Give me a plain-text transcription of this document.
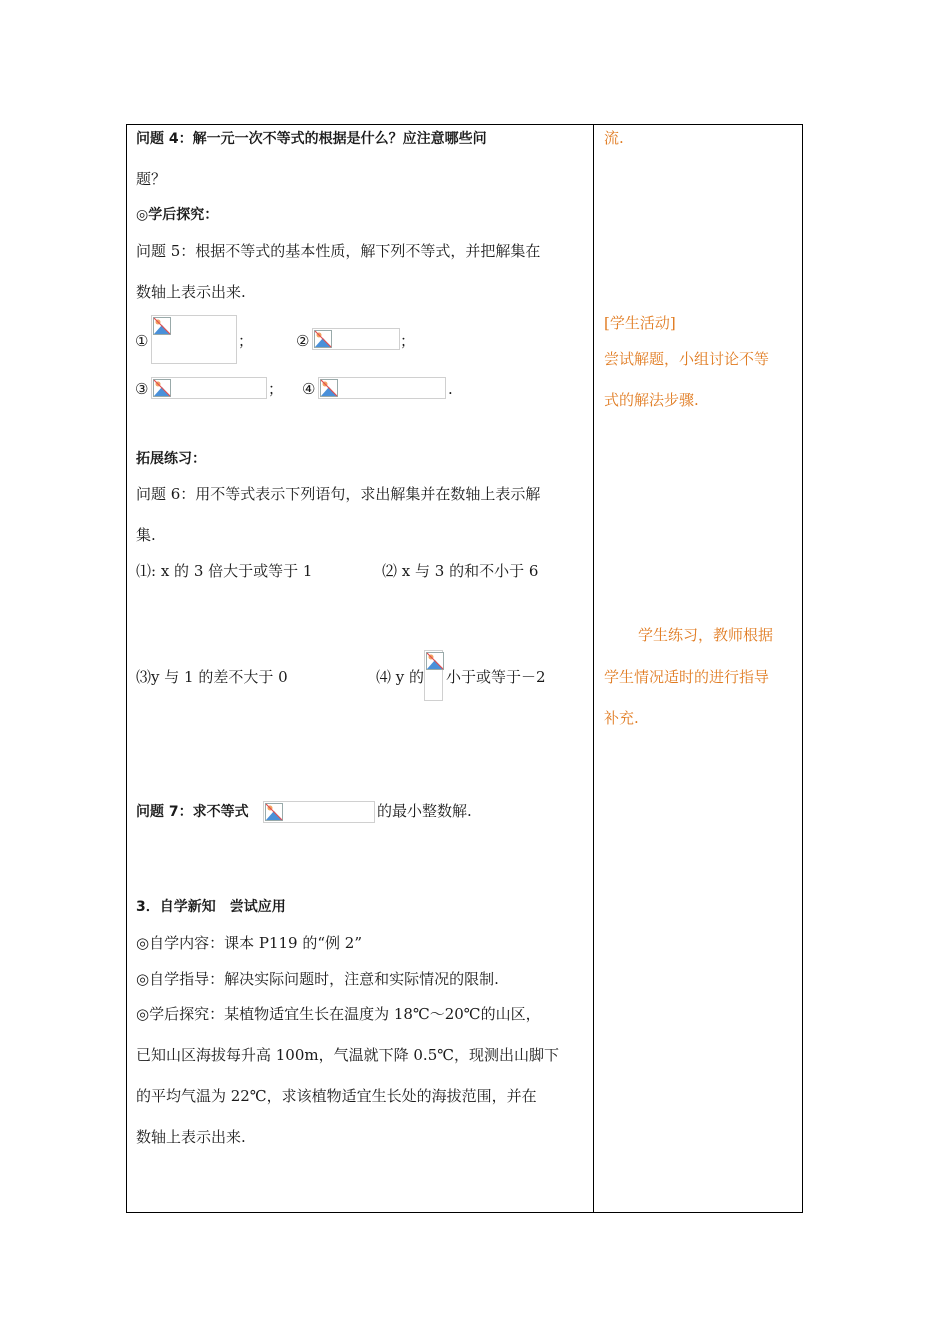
问题 4：解一元一次不等式的根据是什么？应注意哪些问
题？
◎学后探究：
问题 5：根据不等式的基本性质，解下列不等式，并把解集在
数轴上表示出来.
①	；	②	；
③	； ④	.
拓展练习：
问题 6：用不等式表示下列语句，求出解集并在数轴上表示解
集.
⑴: x 的 3 倍大于或等于 1	⑵ x 与 3 的和不小于 6
⑶y 与 1 的差不大于 0	⑷ y 的 小于或等于－2
问题 7：求不等式	的最小整数解.
3．自学新知　尝试应用
◎自学内容：课本 P119 的“例 2”
◎自学指导：解决实际问题时，注意和实际情况的限制.
◎学后探究：某植物适宜生长在温度为 18℃～20℃的山区，
已知山区海拔每升高 100m，气温就下降 0.5℃，现测出山脚下
的平均气温为 22℃，求该植物适宜生长处的海拔范围，并在
数轴上表示出来.
流.
[学生活动]
尝试解题，小组讨论不等
式的解法步骤.
学生练习，教师根据
学生情况适时的进行指导
补充.
